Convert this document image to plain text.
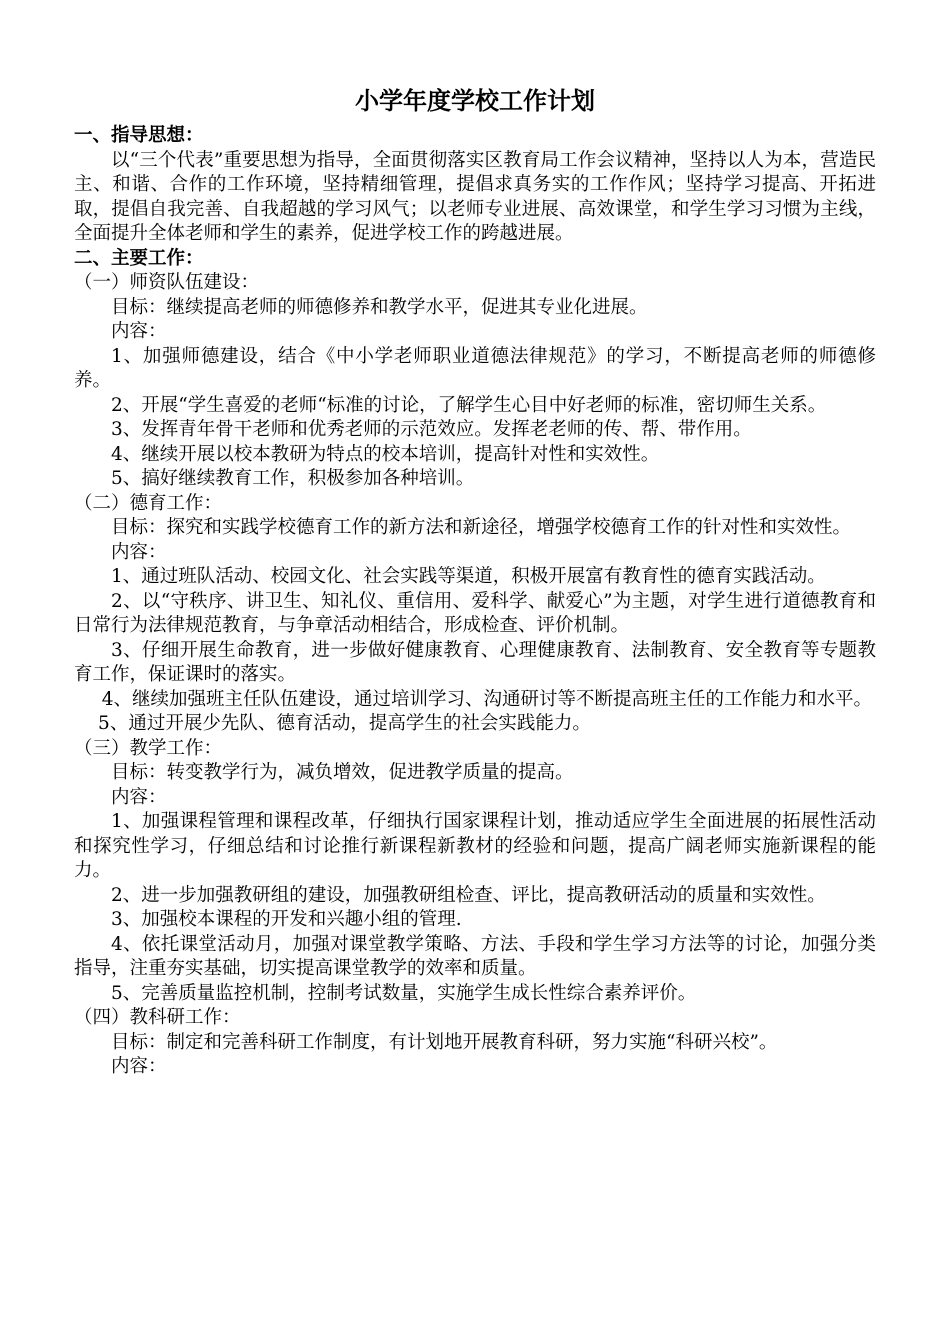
小学年度学校工作计划
一、指导思想：

以“三个代表”重要思想为指导，全面贯彻落实区教育局工作会议精神，坚持以人为本，营造民主、和谐、合作的工作环境，坚持精细管理，提倡求真务实的工作作风；坚持学习提高、开拓进取，提倡自我完善、自我超越的学习风气；以老师专业进展、高效课堂，和学生学习习惯为主线，全面提升全体老师和学生的素养，促进学校工作的跨越进展。

二、主要工作：

（一）师资队伍建设：

目标：继续提高老师的师德修养和教学水平，促进其专业化进展。

内容：

1、加强师德建设，结合《中小学老师职业道德法律规范》的学习，不断提高老师的师德修养。

2、开展“学生喜爱的老师“标准的讨论，了解学生心目中好老师的标准，密切师生关系。

3、发挥青年骨干老师和优秀老师的示范效应。发挥老老师的传、帮、带作用。

4、继续开展以校本教研为特点的校本培训，提高针对性和实效性。

5、搞好继续教育工作，积极参加各种培训。

（二）德育工作：

目标：探究和实践学校德育工作的新方法和新途径，增强学校德育工作的针对性和实效性。

内容：

1、通过班队活动、校园文化、社会实践等渠道，积极开展富有教育性的德育实践活动。

2、以“守秩序、讲卫生、知礼仪、重信用、爱科学、献爱心”为主题，对学生进行道德教育和日常行为法律规范教育，与争章活动相结合，形成检查、评价机制。

3、仔细开展生命教育，进一步做好健康教育、心理健康教育、法制教育、安全教育等专题教育工作，保证课时的落实。

4、继续加强班主任队伍建设，通过培训学习、沟通研讨等不断提高班主任的工作能力和水平。

5、通过开展少先队、德育活动，提高学生的社会实践能力。

（三）教学工作：

目标：转变教学行为，减负增效，促进教学质量的提高。

内容：

1、加强课程管理和课程改革，仔细执行国家课程计划，推动适应学生全面进展的拓展性活动和探究性学习，仔细总结和讨论推行新课程新教材的经验和问题，提高广阔老师实施新课程的能力。

2、进一步加强教研组的建设，加强教研组检查、评比，提高教研活动的质量和实效性。

3、加强校本课程的开发和兴趣小组的管理.

4、依托课堂活动月，加强对课堂教学策略、方法、手段和学生学习方法等的讨论，加强分类指导，注重夯实基础，切实提高课堂教学的效率和质量。

5、完善质量监控机制，控制考试数量，实施学生成长性综合素养评价。

（四）教科研工作：

目标：制定和完善科研工作制度，有计划地开展教育科研，努力实施“科研兴校”。

内容：
